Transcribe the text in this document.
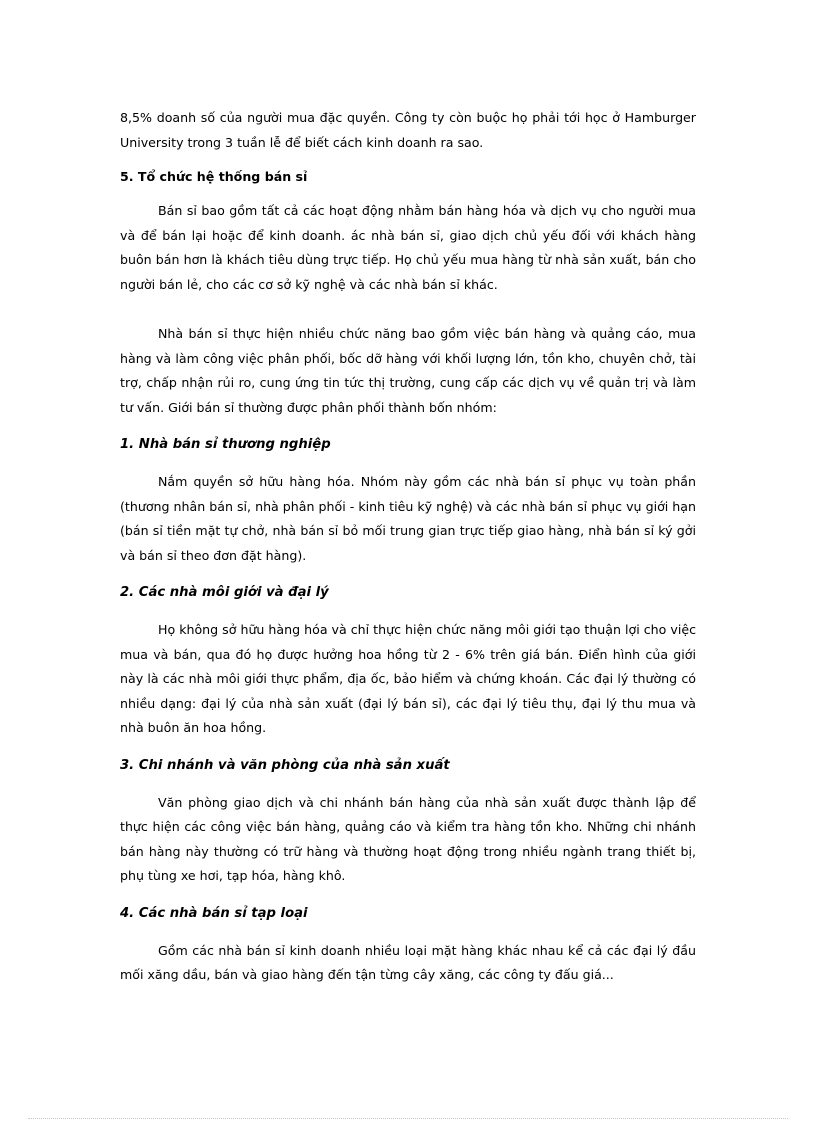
8,5% doanh số của người mua đặc quyền. Công ty còn buộc họ phải tới học ở Hamburger University trong 3 tuần lễ để biết cách kinh doanh ra sao.

5. Tổ chức hệ thống bán sỉ

Bán sỉ bao gồm tất cả các hoạt động nhằm bán hàng hóa và dịch vụ cho người mua và để bán lại hoặc để kinh doanh. ác nhà bán sỉ, giao dịch chủ yếu đối với khách hàng buôn bán hơn là khách tiêu dùng trực tiếp. Họ chủ yếu mua hàng từ nhà sản xuất, bán cho người bán lẻ, cho các cơ sở kỹ nghệ và các nhà bán sỉ khác.

Nhà bán sỉ thực hiện nhiều chức năng bao gồm việc bán hàng và quảng cáo, mua hàng và làm công việc phân phối, bốc dỡ hàng với khối lượng lớn, tồn kho, chuyên chở, tài trợ, chấp nhận rủi ro, cung ứng tin tức thị trường, cung cấp các dịch vụ về quản trị và làm tư vấn. Giới bán sỉ thường được phân phối thành bốn nhóm:

1. Nhà bán sỉ thương nghiệp

Nắm quyền sở hữu hàng hóa. Nhóm này gồm các nhà bán sỉ phục vụ toàn phần (thương nhân bán sỉ, nhà phân phối - kinh tiêu kỹ nghệ) và các nhà bán sỉ phục vụ giới hạn (bán sỉ tiền mặt tự chở, nhà bán sỉ bỏ mối trung gian trực tiếp giao hàng, nhà bán sỉ ký gởi và bán sỉ theo đơn đặt hàng).

2. Các nhà môi giới và đại lý

Họ không sở hữu hàng hóa và chỉ thực hiện chức năng môi giới tạo thuận lợi cho việc mua và bán, qua đó họ được hưởng hoa hồng từ 2 - 6% trên giá bán. Điển hình của giới này là các nhà môi giới thực phẩm, địa ốc, bảo hiểm và chứng khoán. Các đại lý thường có nhiều dạng: đại lý của nhà sản xuất (đại lý bán sỉ), các đại lý tiêu thụ, đại lý thu mua và nhà buôn ăn hoa hồng.

3. Chi nhánh và văn phòng của nhà sản xuất

Văn phòng giao dịch và chi nhánh bán hàng của nhà sản xuất được thành lập để thực hiện các công việc bán hàng, quảng cáo và kiểm tra hàng tồn kho. Những chi nhánh bán hàng này thường có trữ hàng và thường hoạt động trong nhiều ngành trang thiết bị, phụ tùng xe hơi, tạp hóa, hàng khô.

4. Các nhà bán sỉ tạp loại

Gồm các nhà bán sỉ kinh doanh nhiều loại mặt hàng khác nhau kể cả các đại lý đầu mối xăng dầu, bán và giao hàng đến tận từng cây xăng, các công ty đấu giá...
